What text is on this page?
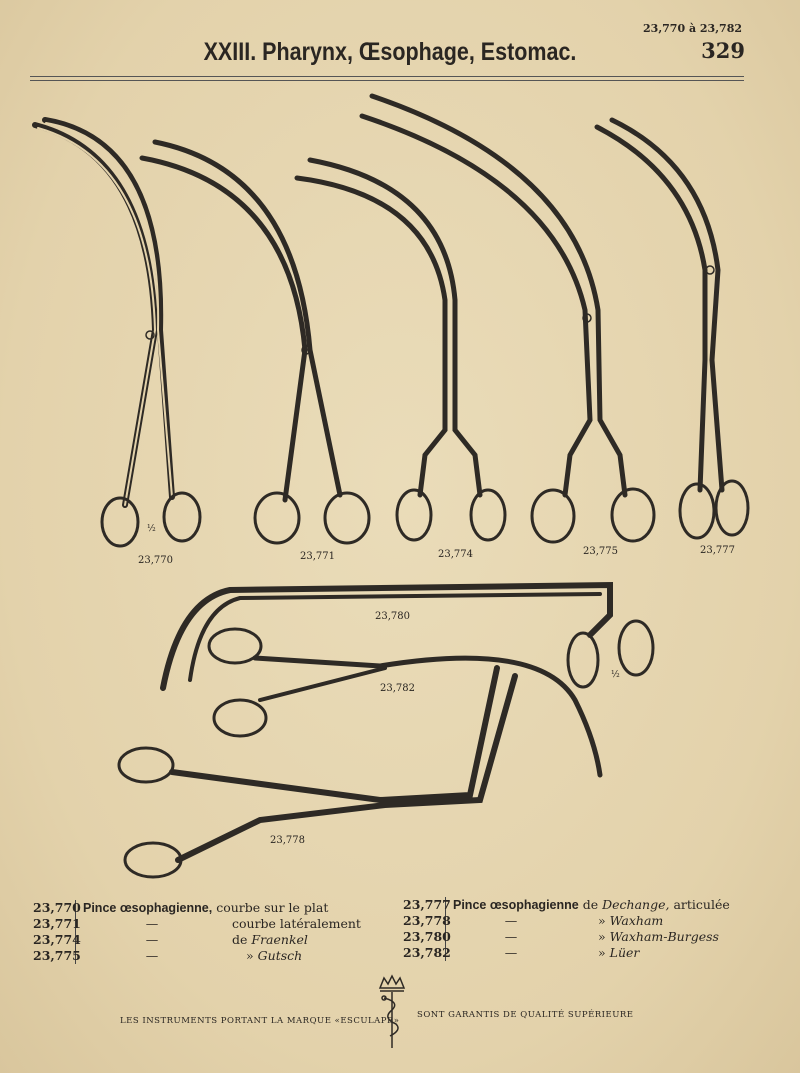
23,770 à 23,782
329
XXIII. Pharynx, Œsophage, Estomac.
23,770	23,771	23,774	23,775	23,777
23,780
23,782
23,778
½
½
23,770 Pince œsophagienne, courbe sur le plat
23,771	—	courbe latéralement
23,774	—	de Fraenkel
23,775	—	» Gutsch
23,777 Pince œsophagienne de Dechange, articulée
23,778	—	» Waxham
23,780	—	» Waxham-Burgess
23,782	—	» Lüer
LES INSTRUMENTS PORTANT LA MARQUE «ESCULAPE»
SONT GARANTIS DE QUALITÉ SUPÉRIEURE
